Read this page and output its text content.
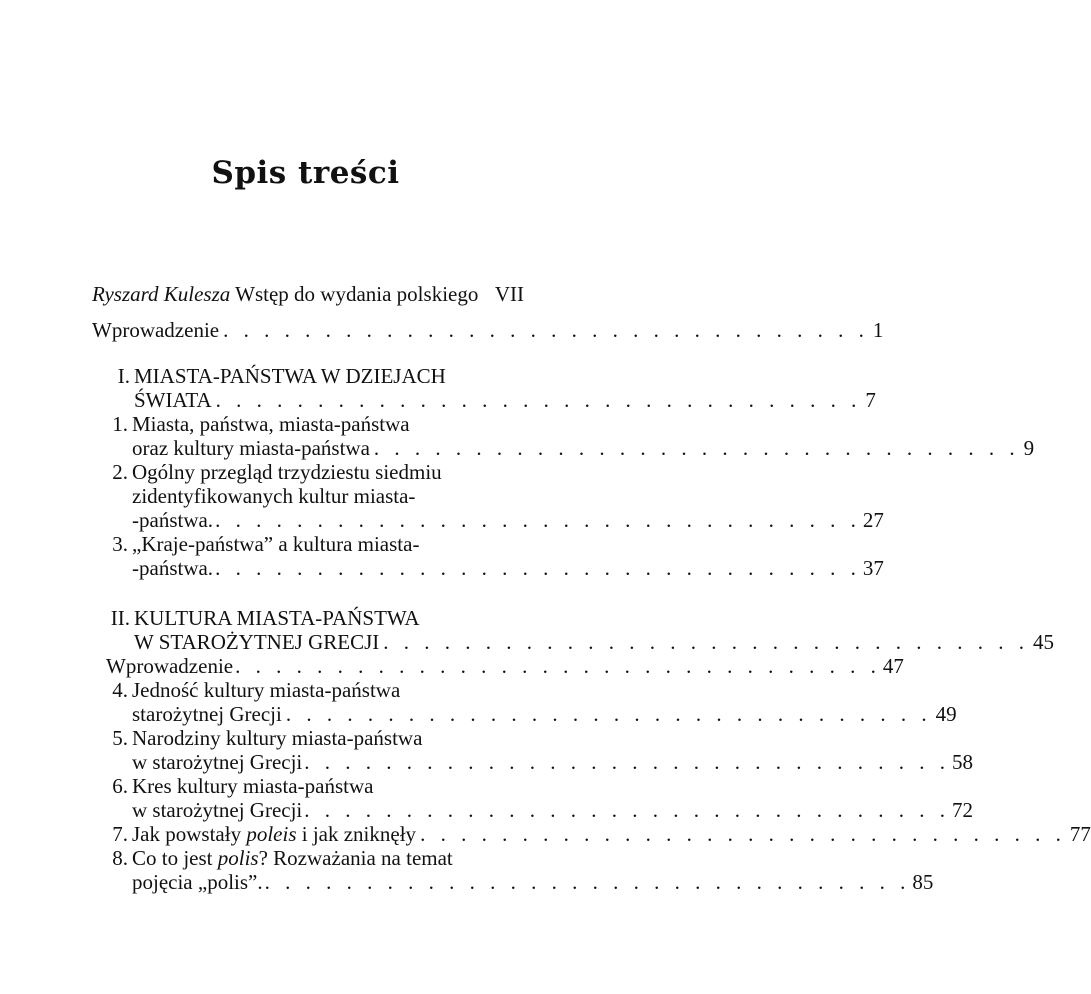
Spis treści
Ryszard Kulesza Wstęp do wydania polskiego VII
Wprowadzenie . . . . . . . . . . . . . . . . . . . . . . . . . . . . . . . . 1
I. MIASTA-PAŃSTWA W DZIEJACH
ŚWIATA . . . . . . . . . . . . . . . . . . . . . . . . . . . . . . . . 7
1. Miasta, państwa, miasta-państwa
oraz kultury miasta-państwa . . . . . . . . . . . . . . . . . . . . . . . . . . . . . . . . 9
2. Ogólny przegląd trzydziestu siedmiu
zidentyfikowanych kultur miasta-
-państwa. . . . . . . . . . . . . . . . . . . . . . . . . . . . . . . . . 27
3. „Kraje-państwa” a kultura miasta-
-państwa. . . . . . . . . . . . . . . . . . . . . . . . . . . . . . . . . 37
II. KULTURA MIASTA-PAŃSTWA
W STAROŻYTNEJ GRECJI . . . . . . . . . . . . . . . . . . . . . . . . . . . . . . . . 45
Wprowadzenie . . . . . . . . . . . . . . . . . . . . . . . . . . . . . . . . 47
4. Jedność kultury miasta-państwa
starożytnej Grecji . . . . . . . . . . . . . . . . . . . . . . . . . . . . . . . . 49
5. Narodziny kultury miasta-państwa
w starożytnej Grecji . . . . . . . . . . . . . . . . . . . . . . . . . . . . . . . . 58
6. Kres kultury miasta-państwa
w starożytnej Grecji . . . . . . . . . . . . . . . . . . . . . . . . . . . . . . . . 72
7. Jak powstały poleis i jak zniknęły . . . . . . . . . . . . . . . . . . . . . . . . . . . . . . . . 77
8. Co to jest polis? Rozważania na temat
pojęcia „polis”. . . . . . . . . . . . . . . . . . . . . . . . . . . . . . . . . 85
